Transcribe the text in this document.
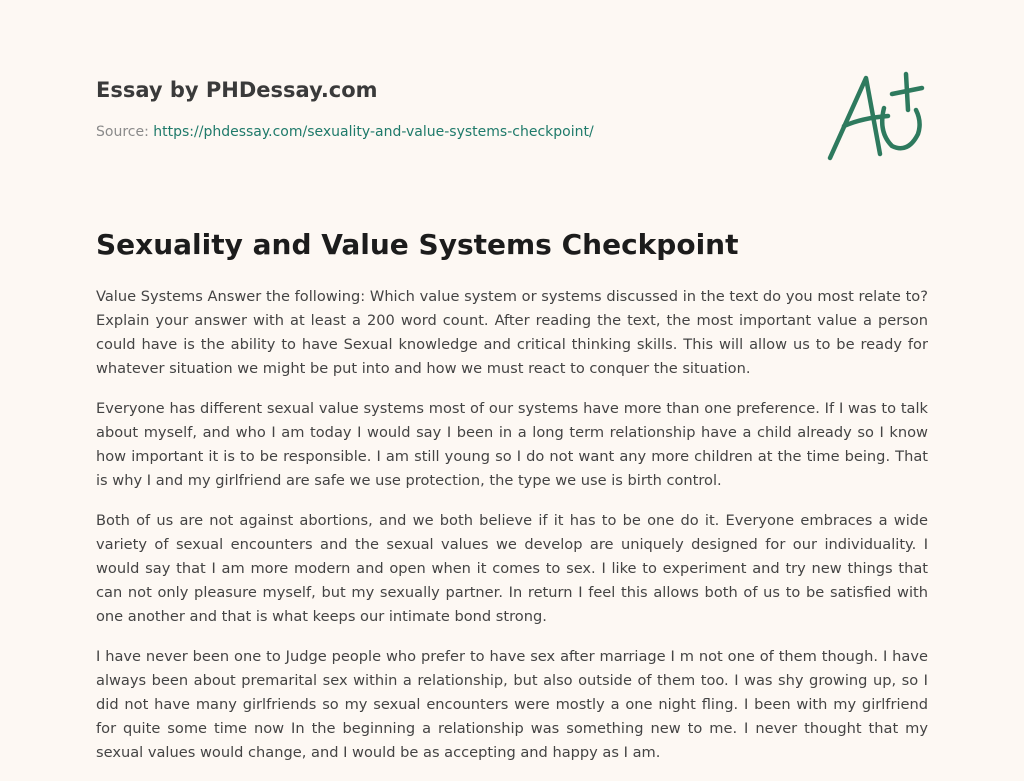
Essay by PHDessay.com
Source: https://phdessay.com/sexuality-and-value-systems-checkpoint/
Sexuality and Value Systems Checkpoint

Value Systems Answer the following: Which value system or systems discussed in the text do you most relate to? Explain your answer with at least a 200 word count. After reading the text, the most important value a person could have is the ability to have Sexual knowledge and critical thinking skills. This will allow us to be ready for whatever situation we might be put into and how we must react to conquer the situation.

Everyone has different sexual value systems most of our systems have more than one preference. If I was to talk about myself, and who I am today I would say I been in a long term relationship have a child already so I know how important it is to be responsible. I am still young so I do not want any more children at the time being. That is why I and my girlfriend are safe we use protection, the type we use is birth control.

Both of us are not against abortions, and we both believe if it has to be one do it. Everyone embraces a wide variety of sexual encounters and the sexual values we develop are uniquely designed for our individuality. I would say that I am more modern and open when it comes to sex. I like to experiment and try new things that can not only pleasure myself, but my sexually partner. In return I feel this allows both of us to be satisfied with one another and that is what keeps our intimate bond strong.

I have never been one to Judge people who prefer to have sex after marriage I m not one of them though. I have always been about premarital sex within a relationship, but also outside of them too. I was shy growing up, so I did not have many girlfriends so my sexual encounters were mostly a one night fling. I been with my girlfriend for quite some time now In the beginning a relationship was something new to me. I never thought that my sexual values would change, and I would be as accepting and happy as I am.
